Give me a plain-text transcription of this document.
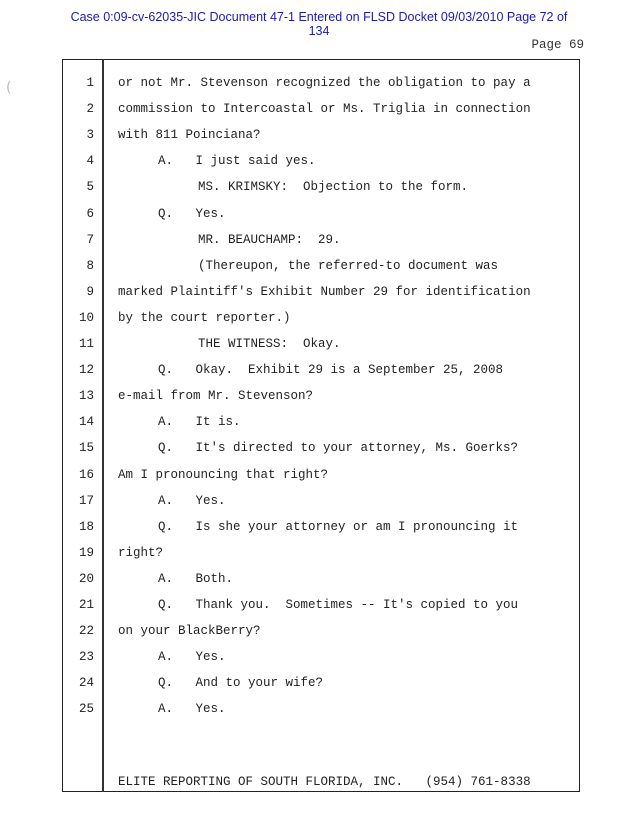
Case 0:09-cv-62035-JIC Document 47-1 Entered on FLSD Docket 09/03/2010 Page 72 of
134
Page 69
(	1 or not Mr. Stevenson recognized the obligation to pay a
2 commission to Intercoastal or Ms. Triglia in connection
3 with 811 Poinciana?
4	A.   I just said yes.
5	MS. KRIMSKY:  Objection to the form.
6	Q.   Yes.
7	MR. BEAUCHAMP:  29.
8	(Thereupon, the referred-to document was
9 marked Plaintiff's Exhibit Number 29 for identification
10 by the court reporter.)
11	THE WITNESS:  Okay.
12	Q.   Okay.  Exhibit 29 is a September 25, 2008
13 e-mail from Mr. Stevenson?
14	A.   It is.
15	Q.   It's directed to your attorney, Ms. Goerks?
16 Am I pronouncing that right?
17	A.   Yes.
18	Q.   Is she your attorney or am I pronouncing it
19 right?
20	A.   Both.
21	Q.   Thank you.  Sometimes -- It's copied to you
22 on your BlackBerry?
23	A.   Yes.
24	Q.   And to your wife?
25	A.   Yes.
ELITE REPORTING OF SOUTH FLORIDA, INC.   (954) 761-8338
